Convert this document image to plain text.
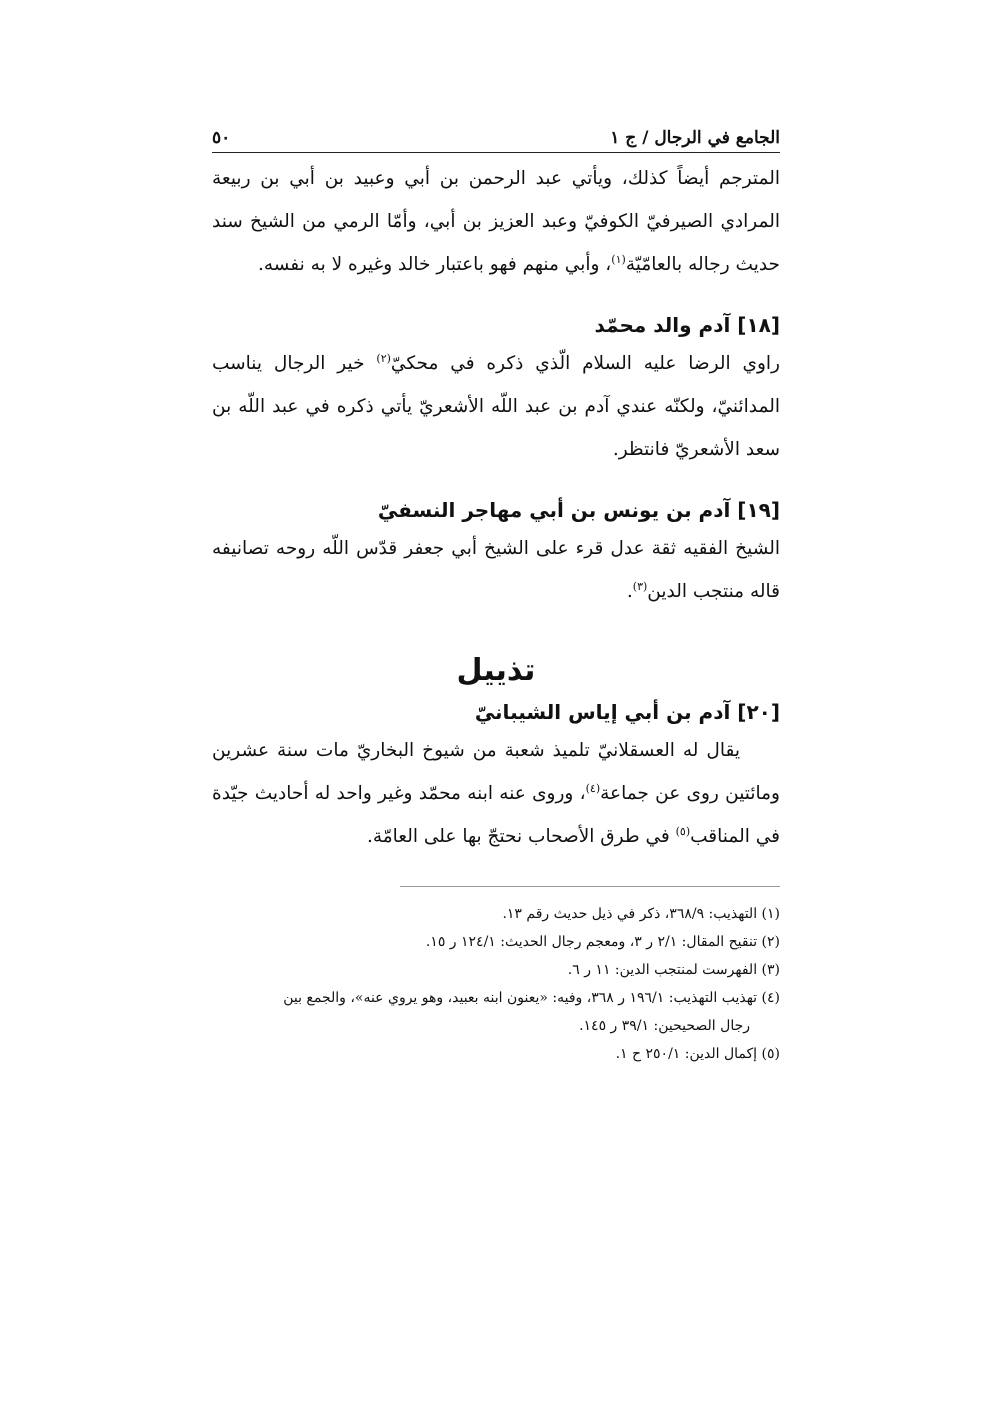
الجامع في الرجال / ج ١
٥٠

المترجم أيضاً كذلك، ويأتي عبد الرحمن بن أبي وعبيد بن أبي بن ربيعة المرادي الصيرفيّ الكوفيّ وعبد العزيز بن أبي، وأمّا الرمي من الشيخ سند حديث رجاله بالعامّيّة$^{(١)}$، وأبي منهم فهو باعتبار خالد وغيره لا به نفسه.

[١٨] آدم والد محمّد

راوي الرضا عليه السلام الّذي ذكره في محكيّ$^{(٢)}$ خير الرجال يناسب المدائنيّ، ولكنّه عندي آدم بن عبد اللّه الأشعريّ يأتي ذكره في عبد اللّه بن سعد الأشعريّ فانتظر.

[١٩] آدم بن يونس بن أبي مهاجر النسفيّ

الشيخ الفقيه ثقة عدل قرء على الشيخ أبي جعفر قدّس اللّه روحه تصانيفه قاله منتجب الدين$^{(٣)}$.

تذييل
[٢٠] آدم بن أبي إياس الشيبانيّ

يقال له العسقلانيّ تلميذ شعبة من شيوخ البخاريّ مات سنة عشرين ومائتين روى عن جماعة$^{(٤)}$، وروى عنه ابنه محمّد وغير واحد له أحاديث جيّدة في المناقب$^{(٥)}$ في طرق الأصحاب نحتجّ بها على العامّة.

(١) التهذيب: ٣٦٨/٩، ذكر في ذيل حديث رقم ١٣.

(٢) تنقيح المقال: ٢/١ ر ٣، ومعجم رجال الحديث: ١٢٤/١ ر ١٥.

(٣) الفهرست لمنتجب الدين: ١١ ر ٦.

(٤) تهذيب التهذيب: ١٩٦/١ ر ٣٦٨، وفيه: «يعنون ابنه بعبيد، وهو يروي عنه»، والجمع بين

رجال الصحيحين: ٣٩/١ ر ١٤٥.

(٥) إكمال الدين: ٢٥٠/١ ح ١.
